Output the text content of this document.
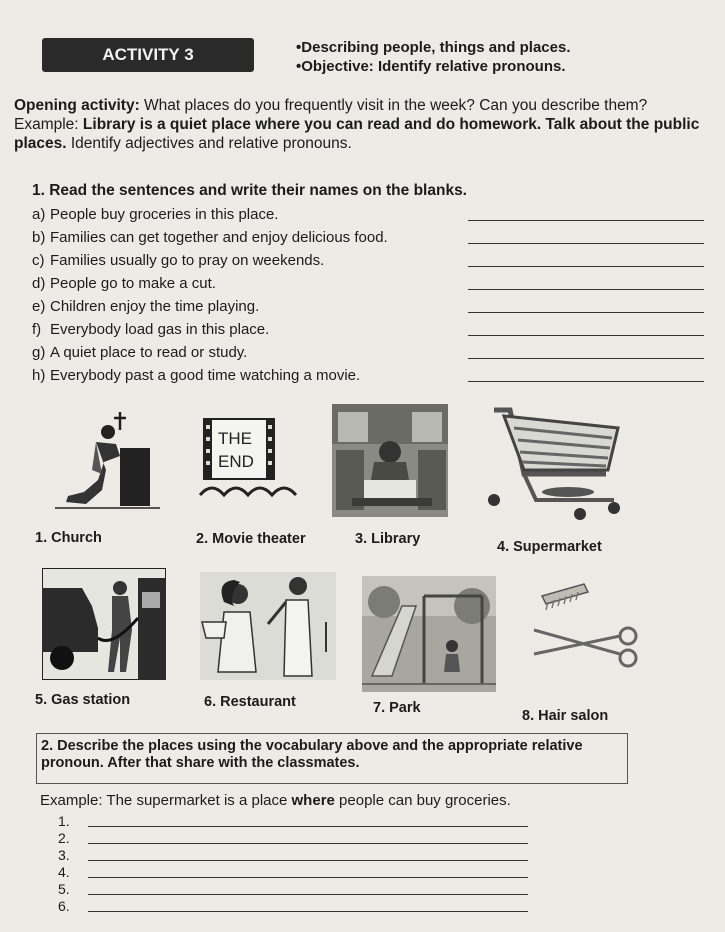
ACTIVITY 3
•	Describing people, things and places.
• Objective: Identify relative pronouns.
Opening activity: What places do you frequently visit in the week? Can you describe them? Example: Library is a quiet place where you can read and do homework. Talk about the public places. Identify adjectives and relative pronouns.
1. Read the sentences and write their names on the blanks.
a) People buy groceries in this place.
b) Families can get together and enjoy delicious food.
c) Families usually go to pray on weekends.
d) People go to make a cut.
e) Children enjoy the time playing.
f) Everybody load gas in this place.
g) A quiet place to read or study.
h) Everybody past a good time watching a movie.
1. Church
THE
END
2. Movie theater	3. Library	4. Supermarket
5. Gas station	6. Restaurant	7. Park	8. Hair salon
2. Describe the places using the vocabulary above and the appropriate relative pronoun. After that share with the classmates.
Example: The supermarket is a place where people can buy groceries.
1.
2.
3.
4.
5.
6.
